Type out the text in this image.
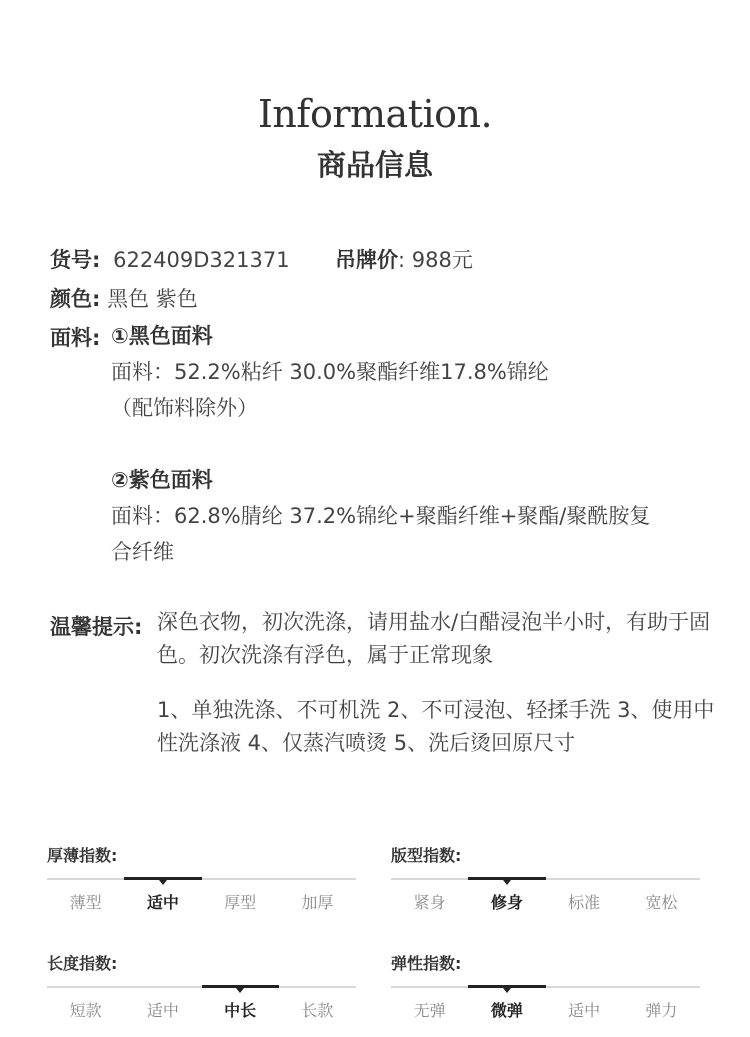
Information.
商品信息
货号: 622409D321371 吊牌价: 988元
颜色: 黑色 紫色
面料: ①黑色面料
面料：52.2%粘纤 30.0%聚酯纤维17.8%锦纶
（配饰料除外）
②紫色面料
面料：62.8%腈纶 37.2%锦纶+聚酯纤维+聚酯/聚酰胺复
合纤维
温馨提示: 深色衣物，初次洗涤，请用盐水/白醋浸泡半小时，有助于固色。初次洗涤有浮色，属于正常现象
1、单独洗涤、不可机洗 2、不可浸泡、轻揉手洗 3、使用中性洗涤液 4、仅蒸汽喷烫 5、洗后烫回原尺寸
厚薄指数:
薄型	适中	厚型	加厚
版型指数:
紧身	修身	标准	宽松
长度指数:
短款	适中	中长	长款
弹性指数:
无弹	微弹	适中	弹力
